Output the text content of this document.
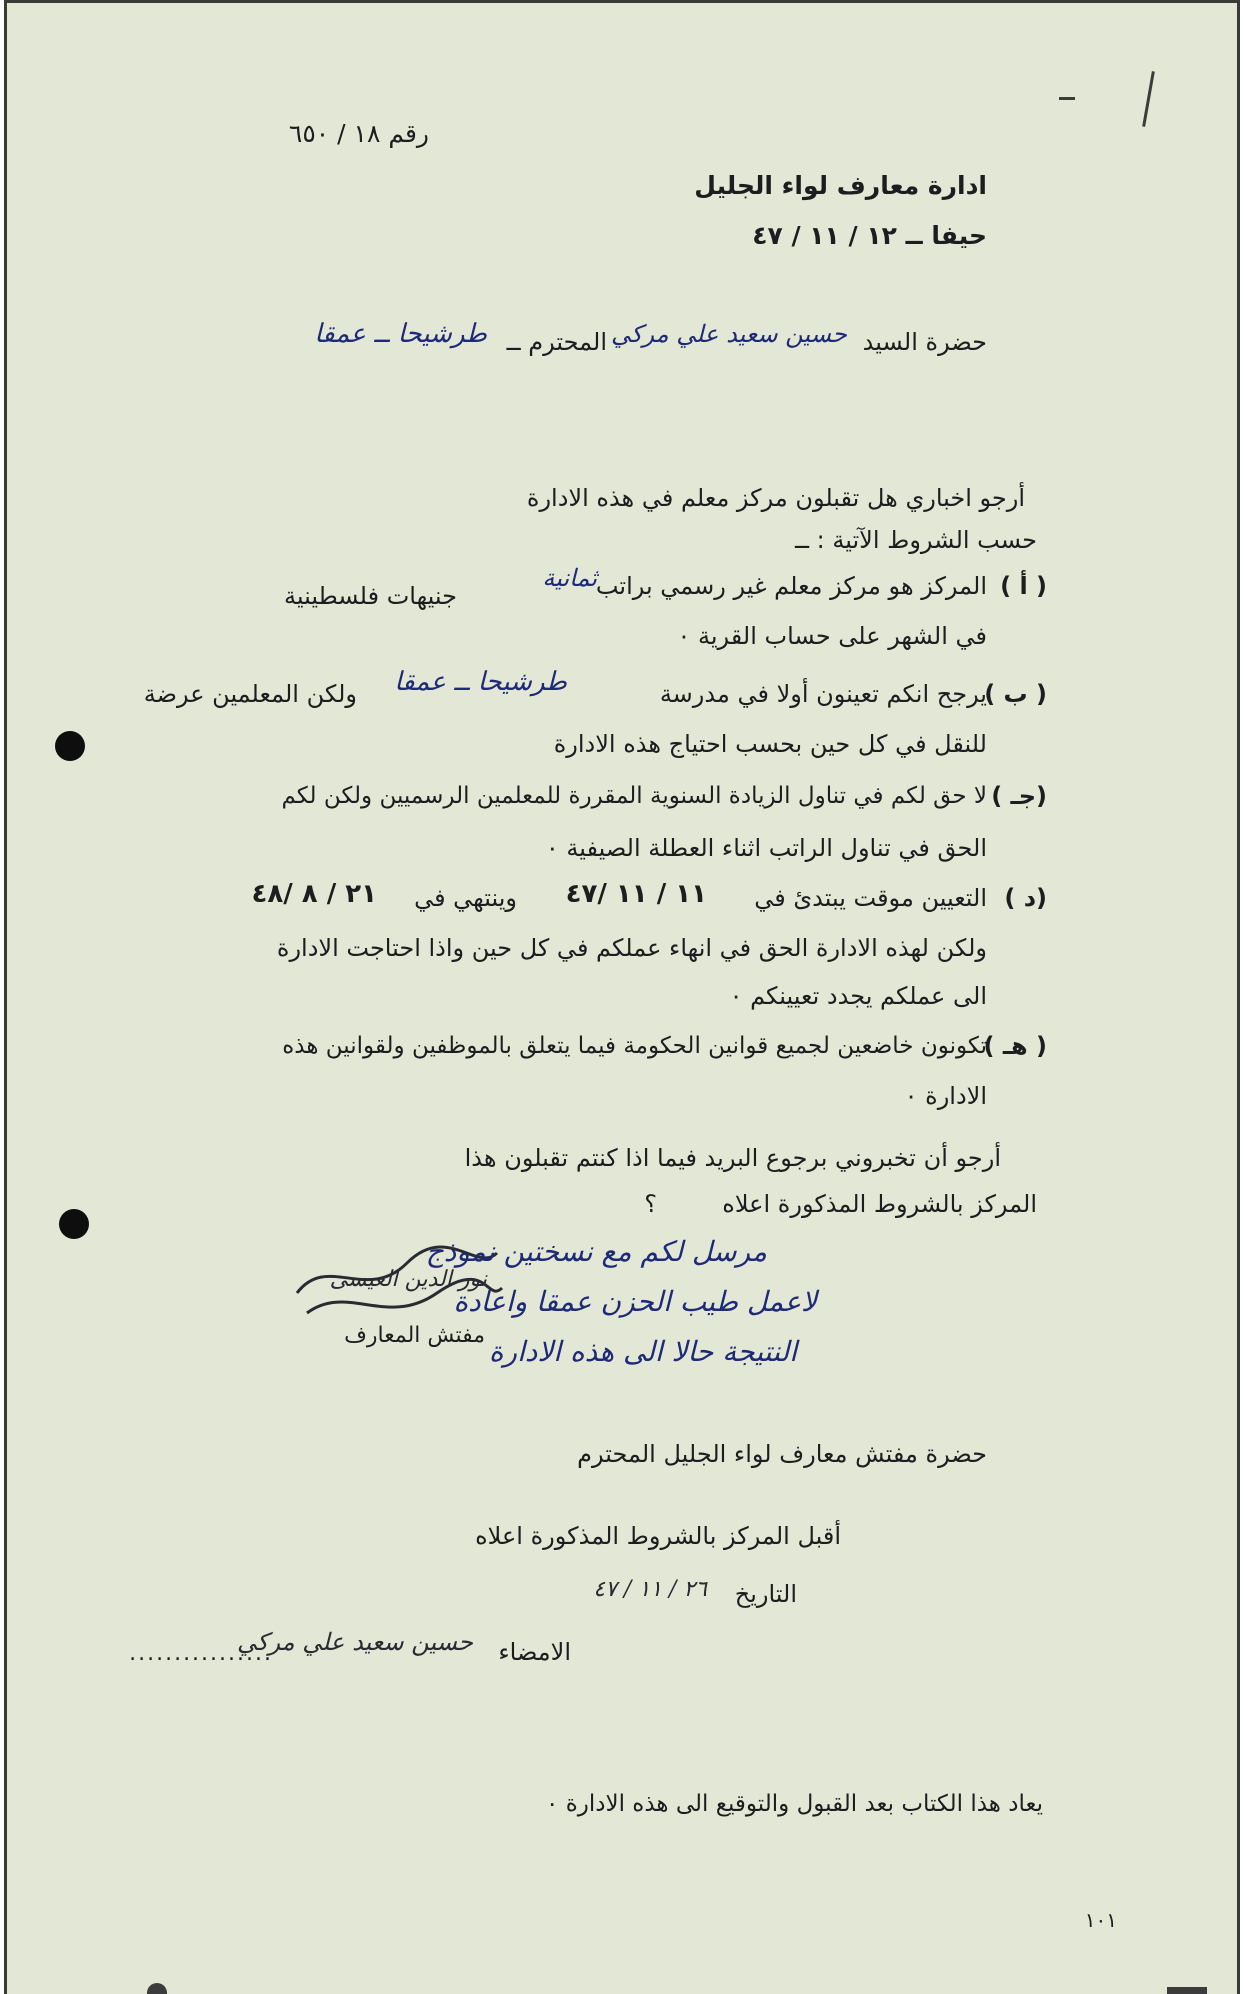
رقم ١٨ / ٦٥٠
ادارة معارف لواء الجليل
حيفا ــ ١٢ / ١١ / ٤٧
حضرة السيد
حسين سعيد علي مركي
المحترم ــ
طرشيحا ــ عمقا
أرجو اخباري هل تقبلون مركز معلم في هذه الادارة
حسب الشروط الآتية : ــ
( أ )
المركز هو مركز معلم غير رسمي براتب
ثمانية
جنيهات فلسطينية
في الشهر على حساب القرية ٠
( ب )
يرجح انكم تعينون أولا في مدرسة
طرشيحا ــ عمقا
ولكن المعلمين عرضة
للنقل في كل حين بحسب احتياج هذه الادارة
(جـ )
لا حق لكم في تناول الزيادة السنوية المقررة للمعلمين الرسميين ولكن لكم
الحق في تناول الراتب اثناء العطلة الصيفية ٠
(د )
التعيين موقت يبتدئ في
١١ / ١١ /٤٧
وينتهي في
٢١ / ٨ /٤٨
ولكن لهذه الادارة الحق في انهاء عملكم في كل حين واذا احتاجت الادارة
الى عملكم يجدد تعيينكم ٠
( هـ )
تكونون خاضعين لجميع قوانين الحكومة فيما يتعلق بالموظفين ولقوانين هذه
الادارة ٠
أرجو أن تخبروني برجوع البريد فيما اذا كنتم تقبلون هذا
المركز بالشروط المذكورة اعلاه
؟
نور الدين العيسى
مفتش المعارف
مرسل لكم مع نسختين نموذج
لاعمل طيب الحزن عمقا واعادة
النتيجة حالا الى هذه الادارة
حضرة مفتش معارف لواء الجليل المحترم
أقبل المركز بالشروط المذكورة اعلاه
التاريخ
٢٦ / ١١ / ٤٧
الامضاء
حسين سعيد علي مركي
................
يعاد هذا الكتاب بعد القبول والتوقيع الى هذه الادارة ٠
١٠١
